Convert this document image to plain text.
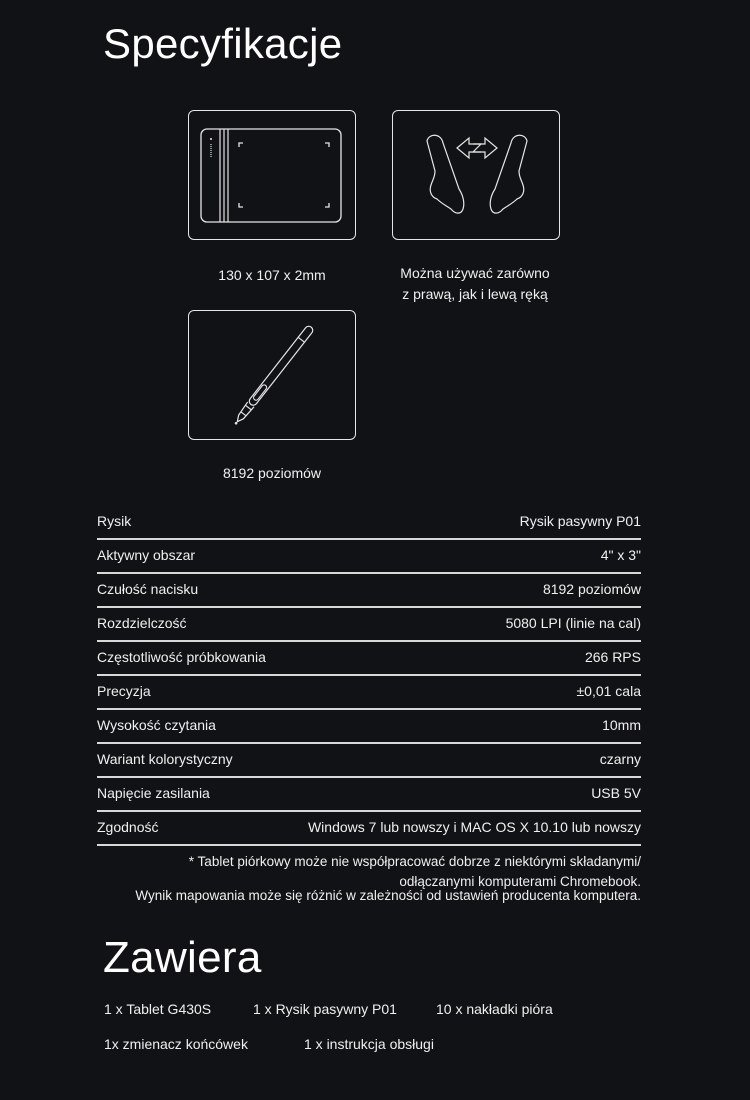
Specyfikacje
130 x 107 x 2mm	Można używać zarówno
z prawą, jak i lewą ręką
8192 poziomów
Rysik	Rysik pasywny P01
Aktywny obszar	4" x 3"
Czułość nacisku	8192 poziomów
Rozdzielczość	5080 LPI (linie na cal)
Częstotliwość próbkowania	266 RPS
Precyzja	±0,01 cala
Wysokość czytania	10mm
Wariant kolorystyczny	czarny
Napięcie zasilania	USB 5V
Zgodność	Windows 7 lub nowszy i MAC OS X 10.10 lub nowszy
* Tablet piórkowy może nie współpracować dobrze z niektórymi składanymi/
odłączanymi komputerami Chromebook.
Wynik mapowania może się różnić w zależności od ustawień producenta komputera.
Zawiera
1 x Tablet G430S	1 x Rysik pasywny P01	10 x nakładki pióra
1x zmienacz końcówek	1 x instrukcja obsługi
